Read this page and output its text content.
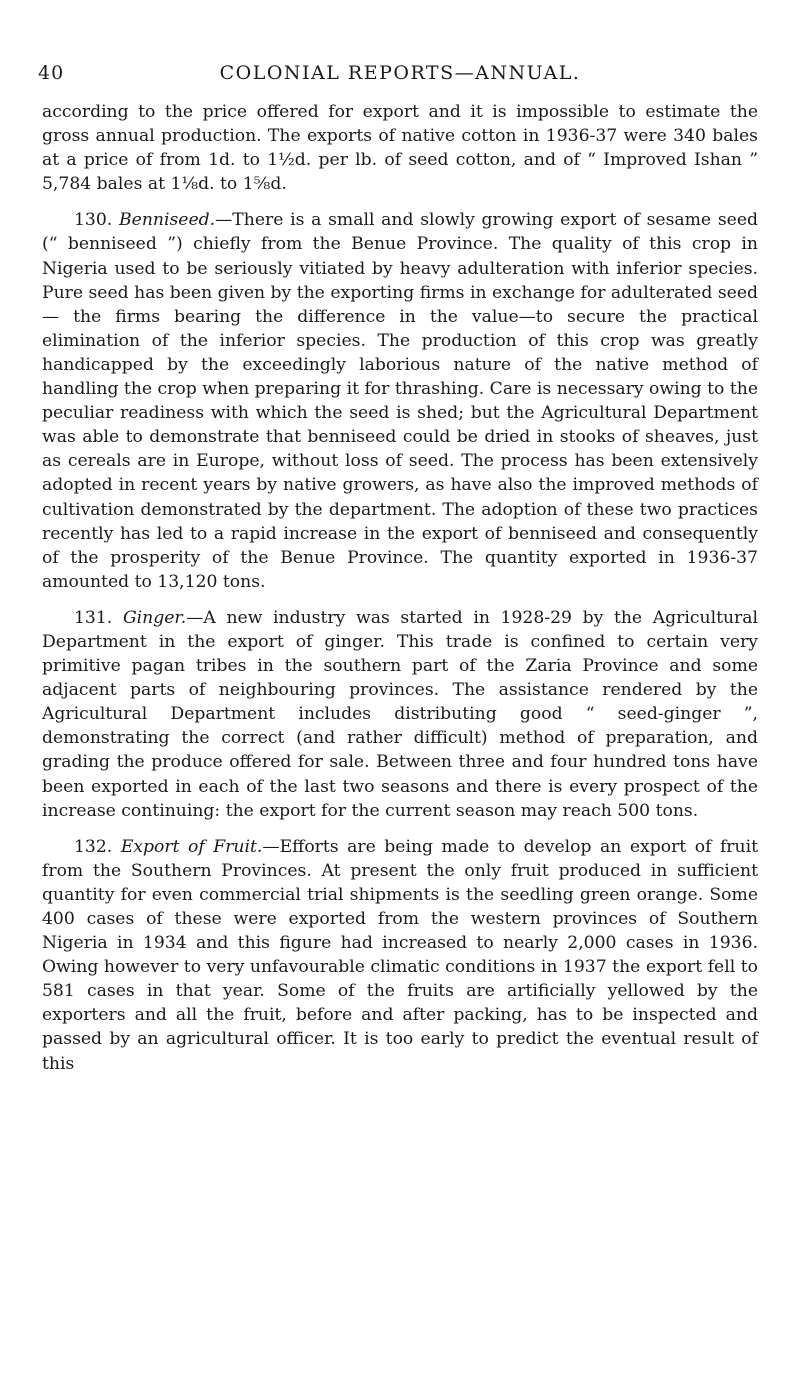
40	COLONIAL REPORTS—ANNUAL.

according to the price offered for export and it is impossible to estimate the gross annual production. The exports of native cotton in 1936-37 were 340 bales at a price of from 1d. to 1½d. per lb. of seed cotton, and of “ Improved Ishan ” 5,784 bales at 1⅛d. to 1⅝d.

130. Benniseed.—There is a small and slowly growing export of sesame seed (“ benniseed ”) chiefly from the Benue Province. The quality of this crop in Nigeria used to be seriously vitiated by heavy adulteration with inferior species. Pure seed has been given by the exporting firms in exchange for adulterated seed— the firms bearing the difference in the value—to secure the practical elimination of the inferior species. The production of this crop was greatly handicapped by the exceedingly laborious nature of the native method of handling the crop when preparing it for thrashing. Care is necessary owing to the peculiar readiness with which the seed is shed; but the Agricultural Department was able to demonstrate that benniseed could be dried in stooks of sheaves, just as cereals are in Europe, without loss of seed. The process has been extensively adopted in recent years by native growers, as have also the improved methods of cultivation demonstrated by the department. The adoption of these two practices recently has led to a rapid increase in the export of benniseed and consequently of the prosperity of the Benue Province. The quantity exported in 1936-37 amounted to 13,120 tons.

131. Ginger.—A new industry was started in 1928-29 by the Agricultural Department in the export of ginger. This trade is confined to certain very primitive pagan tribes in the southern part of the Zaria Province and some adjacent parts of neighbouring provinces. The assistance rendered by the Agricultural Department includes distributing good “ seed-ginger ”, demonstrating the correct (and rather difficult) method of preparation, and grading the produce offered for sale. Between three and four hundred tons have been exported in each of the last two seasons and there is every prospect of the increase continuing: the export for the current season may reach 500 tons.

132. Export of Fruit.—Efforts are being made to develop an export of fruit from the Southern Provinces. At present the only fruit produced in sufficient quantity for even commercial trial shipments is the seedling green orange. Some 400 cases of these were exported from the western provinces of Southern Nigeria in 1934 and this figure had increased to nearly 2,000 cases in 1936. Owing however to very unfavourable climatic conditions in 1937 the export fell to 581 cases in that year. Some of the fruits are artificially yellowed by the exporters and all the fruit, before and after packing, has to be inspected and passed by an agricultural officer. It is too early to predict the eventual result of this
